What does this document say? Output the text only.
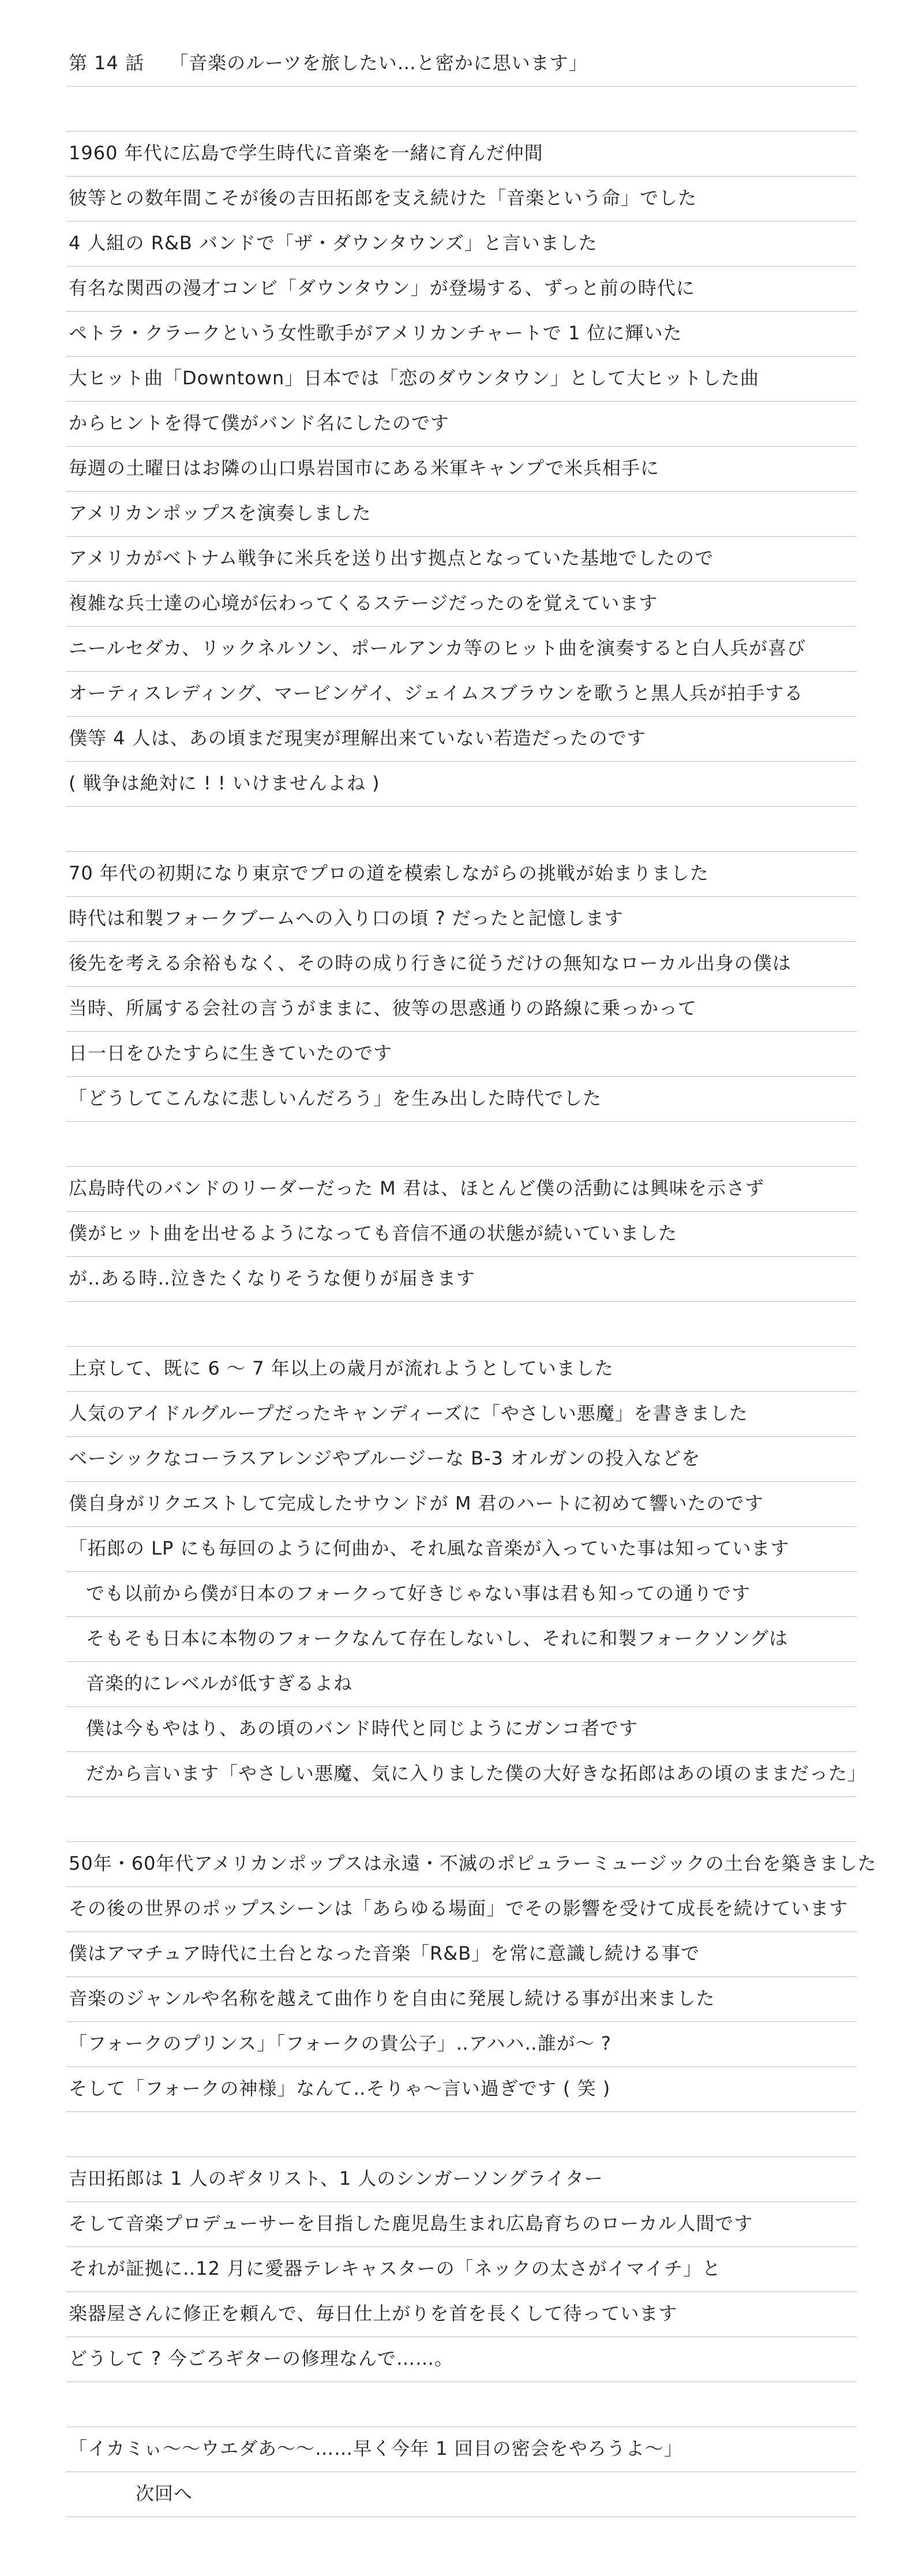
第 14 話 「音楽のルーツを旅したい…と密かに思います」
1960 年代に広島で学生時代に音楽を一緒に育んだ仲間
彼等との数年間こそが後の吉田拓郎を支え続けた「音楽という命」でした
4 人組の R&B バンドで「ザ・ダウンタウンズ」と言いました
有名な関西の漫才コンビ「ダウンタウン」が登場する、ずっと前の時代に
ペトラ・クラークという女性歌手がアメリカンチャートで 1 位に輝いた
大ヒット曲「Downtown」日本では「恋のダウンタウン」として大ヒットした曲
からヒントを得て僕がバンド名にしたのです
毎週の土曜日はお隣の山口県岩国市にある米軍キャンプで米兵相手に
アメリカンポップスを演奏しました
アメリカがベトナム戦争に米兵を送り出す拠点となっていた基地でしたので
複雑な兵士達の心境が伝わってくるステージだったのを覚えています
ニールセダカ、リックネルソン、ポールアンカ等のヒット曲を演奏すると白人兵が喜び
オーティスレディング、マービンゲイ、ジェイムスブラウンを歌うと黒人兵が拍手する
僕等 4 人は、あの頃まだ現実が理解出来ていない若造だったのです
( 戦争は絶対に ! ! いけませんよね )
70 年代の初期になり東京でプロの道を模索しながらの挑戦が始まりました
時代は和製フォークブームへの入り口の頃 ? だったと記憶します
後先を考える余裕もなく、その時の成り行きに従うだけの無知なローカル出身の僕は
当時、所属する会社の言うがままに、彼等の思惑通りの路線に乗っかって
日一日をひたすらに生きていたのです
「どうしてこんなに悲しいんだろう」を生み出した時代でした
広島時代のバンドのリーダーだった M 君は、ほとんど僕の活動には興味を示さず
僕がヒット曲を出せるようになっても音信不通の状態が続いていました
が‥ある時‥泣きたくなりそうな便りが届きます
上京して、既に 6 ～ 7 年以上の歳月が流れようとしていました
人気のアイドルグループだったキャンディーズに「やさしい悪魔」を書きました
ベーシックなコーラスアレンジやブルージーな B-3 オルガンの投入などを
僕自身がリクエストして完成したサウンドが M 君のハートに初めて響いたのです
「拓郎の LP にも毎回のように何曲か、それ風な音楽が入っていた事は知っています
でも以前から僕が日本のフォークって好きじゃない事は君も知っての通りです
そもそも日本に本物のフォークなんて存在しないし、それに和製フォークソングは
音楽的にレベルが低すぎるよね
僕は今もやはり、あの頃のバンド時代と同じようにガンコ者です
だから言います「やさしい悪魔、気に入りました僕の大好きな拓郎はあの頃のままだった」
50年・60年代アメリカンポップスは永遠・不滅のポピュラーミュージックの土台を築きました
その後の世界のポップスシーンは「あらゆる場面」でその影響を受けて成長を続けています
僕はアマチュア時代に土台となった音楽「R&B」を常に意識し続ける事で
音楽のジャンルや名称を越えて曲作りを自由に発展し続ける事が出来ました
「フォークのプリンス」「フォークの貴公子」‥アハハ‥誰が～ ?
そして「フォークの神様」なんて‥そりゃ～言い過ぎです ( 笑 )
吉田拓郎は 1 人のギタリスト、1 人のシンガーソングライター
そして音楽プロデューサーを目指した鹿児島生まれ広島育ちのローカル人間です
それが証拠に‥12 月に愛器テレキャスターの「ネックの太さがイマイチ」と
楽器屋さんに修正を頼んで、毎日仕上がりを首を長くして待っています
どうして ? 今ごろギターの修理なんで……。
「イカミぃ～～ウエダあ～～……早く今年 1 回目の密会をやろうよ～」
次回へ
